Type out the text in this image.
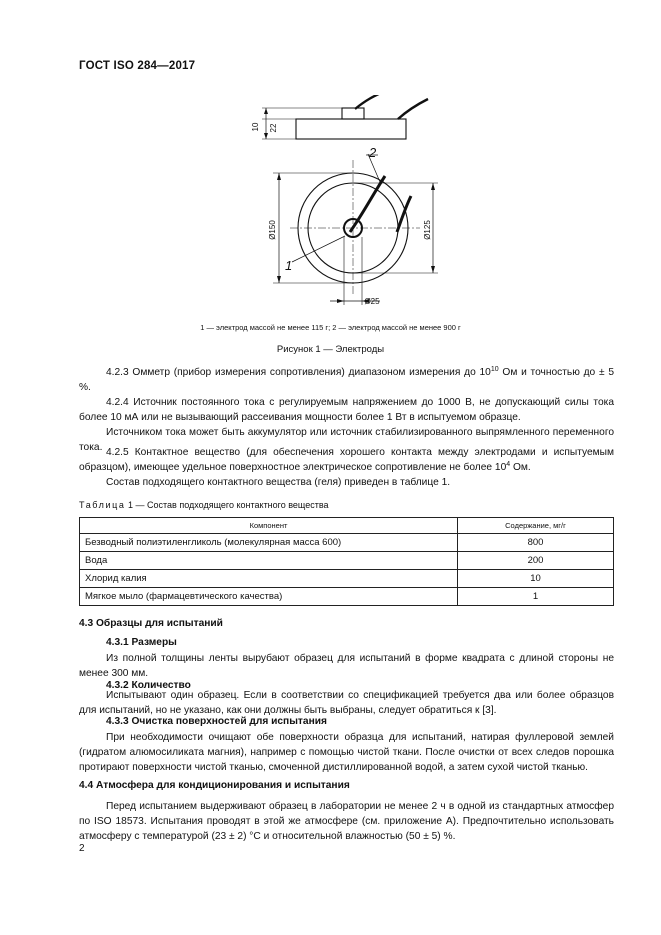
ГОСТ ISO 284—2017
10 22
Ø150	Ø125
Ø25
1
2
1 — электрод массой не менее 115 г; 2 — электрод массой не менее 900 г
Рисунок 1 — Электроды
4.2.3 Омметр (прибор измерения сопротивления) диапазоном измерения до $10^{10}$ Ом и точностью до ± 5 %.
4.2.4 Источник постоянного тока с регулируемым напряжением до 1000 В, не допускающий силы тока более 10 мА или не вызывающий рассеивания мощности более 1 Вт в испытуемом образце.
Источником тока может быть аккумулятор или источник стабилизированного выпрямленного переменного тока. 4.2.5 Контактное вещество (для обеспечения хорошего контакта между электродами и испытуемым образцом), имеющее удельное поверхностное электрическое сопротивление не более $10^4$ Ом.
Состав подходящего контактного вещества (геля) приведен в таблице 1.
Таблица 1 — Состав подходящего контактного вещества
Компонент	Содержание, мг/г
Безводный полиэтиленгликоль (молекулярная масса 600)	800
Вода	200
Хлорид калия	10
Мягкое мыло (фармацевтического качества)	1
4.3 Образцы для испытаний
4.3.1 Размеры
Из полной толщины ленты вырубают образец для испытаний в форме квадрата с длиной стороны не менее 300 мм.
4.3.2 Количество
Испытывают один образец. Если в соответствии со спецификацией требуется два или более образцов для испытаний, но не указано, как они должны быть выбраны, следует обратиться к [3].
4.3.3 Очистка поверхностей для испытания
При необходимости очищают обе поверхности образца для испытаний, натирая фуллеровой землей (гидратом алюмосиликата магния), например с помощью чистой ткани. После очистки от всех следов порошка протирают поверхности чистой тканью, смоченной дистиллированной водой, а затем сухой чистой тканью.
4.4 Атмосфера для кондиционирования и испытания
Перед испытанием выдерживают образец в лаборатории не менее 2 ч в одной из стандартных атмосфер по ISO 18573. Испытания проводят в этой же атмосфере (см. приложение А). Предпочтительно использовать атмосферу с температурой (23 ± 2) °С и относительной влажностью (50 ± 5) %.
2
